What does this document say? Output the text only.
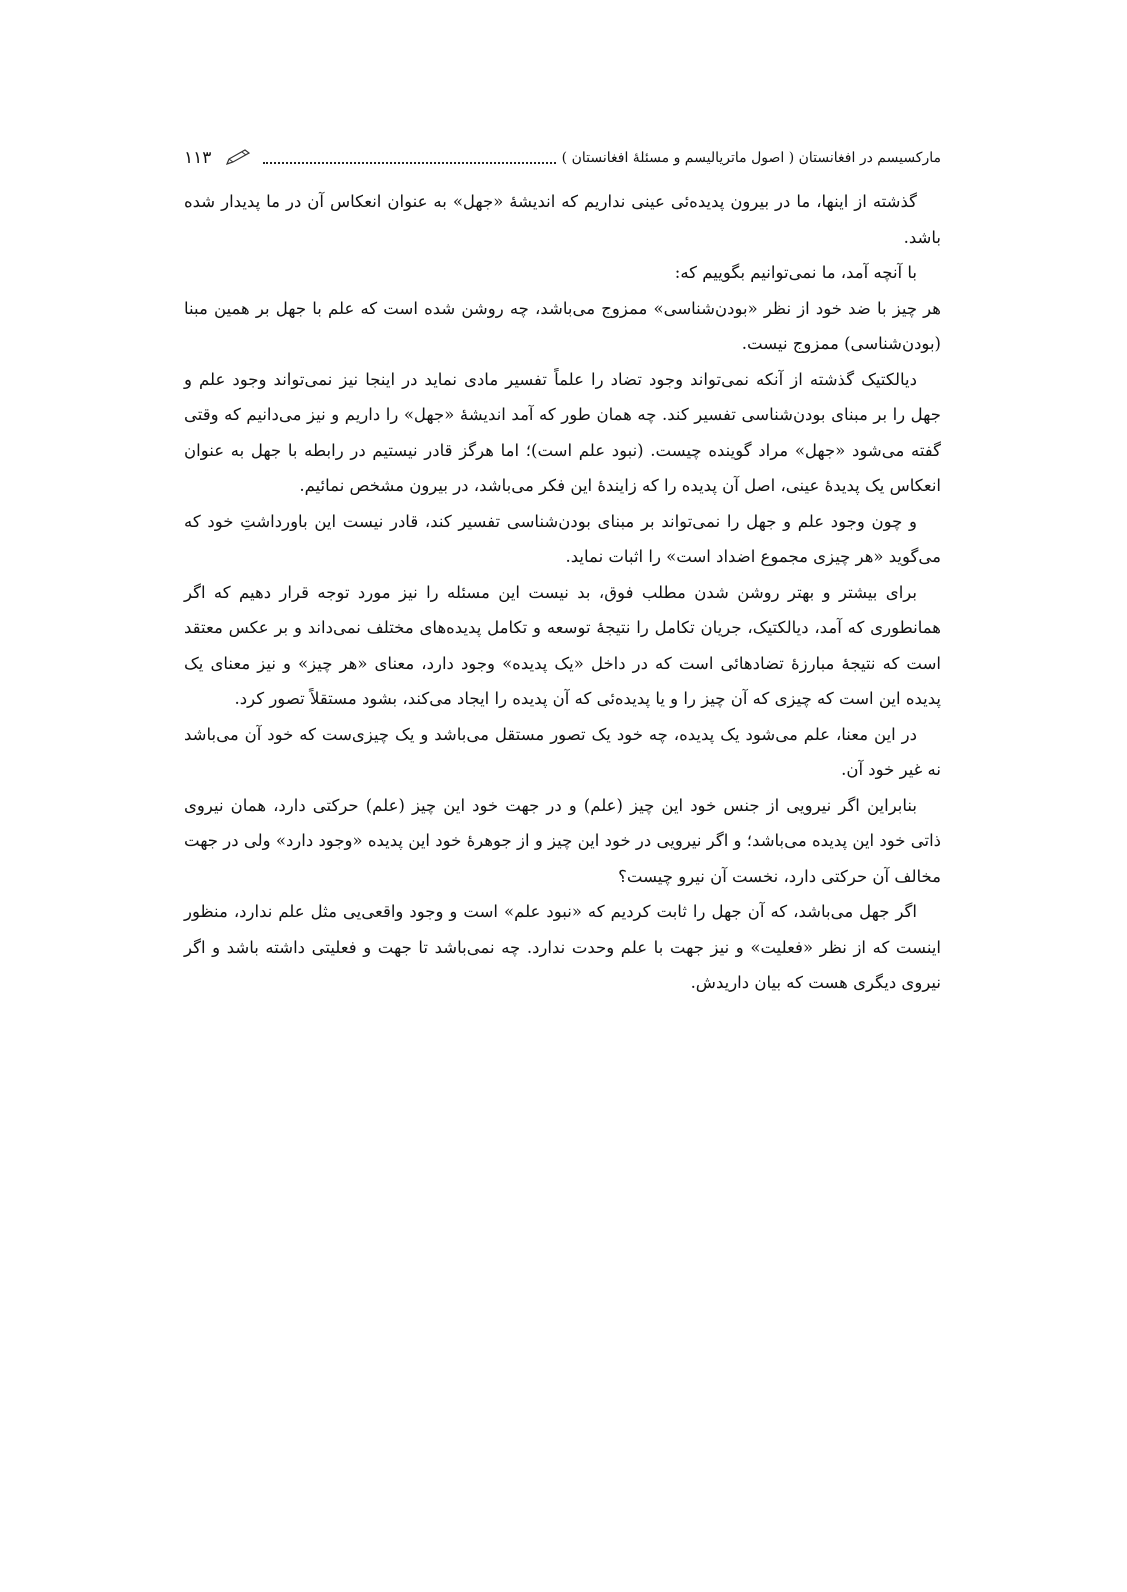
مارکسیسم در افغانستان ( اصول ماتریالیسم و مسئلۀ افغانستان )
۱۱۳

گذشته از اینها، ما در بیرون پدیده‌ئی عینی نداریم که اندیشۀ «جهل» به عنوان انعکاس آن در ما پدیدار شده باشد.

با آنچه آمد، ما نمی‌توانیم بگوییم که:

هر چیز با ضد خود از نظر «بودن‌شناسی» ممزوج می‌باشد، چه روشن شده است که علم با جهل بر همین مبنا (بودن‌شناسی) ممزوج نیست.

دیالکتیک گذشته از آنکه نمی‌تواند وجود تضاد را علماً تفسیر مادی نماید در اینجا نیز نمی‌تواند وجود علم و جهل را بر مبنای بودن‌شناسی تفسیر کند. چه همان طور که آمد اندیشۀ «جهل» را داریم و نیز می‌دانیم که وقتی گفته می‌شود «جهل» مراد گوینده چیست. (نبود علم است)؛ اما هرگز قادر نیستیم در رابطه با جهل به عنوان انعکاس یک پدیدۀ عینی، اصل آن پدیده را که زایندۀ این فکر می‌باشد، در بیرون مشخص نمائیم.

و چون وجود علم و جهل را نمی‌تواند بر مبنای بودن‌شناسی تفسیر کند، قادر نیست این باورداشتِ خود که می‌گوید «هر چیزی مجموع اضداد است» را اثبات نماید.

برای بیشتر و بهتر روشن شدن مطلب فوق، بد نیست این مسئله را نیز مورد توجه قرار دهیم که اگر همانطوری که آمد، دیالکتیک، جریان تکامل را نتیجۀ توسعه و تکامل پدیده‌های مختلف نمی‌داند و بر عکس معتقد است که نتیجۀ مبارزۀ تضادهائی است که در داخل «یک پدیده» وجود دارد، معنای «هر چیز» و نیز معنای یک پدیده این است که چیزی که آن چیز را و یا پدیده‌ئی که آن پدیده را ایجاد می‌کند، بشود مستقلاً تصور کرد.

در این معنا، علم می‌شود یک پدیده، چه خود یک تصور مستقل می‌باشد و یک چیزی‌ست که خود آن می‌باشد نه غیر خود آن.

بنابراین اگر نیرویی از جنس خود این چیز (علم) و در جهت خود این چیز (علم) حرکتی دارد، همان نیروی ذاتی خود این پدیده می‌باشد؛ و اگر نیرویی در خود این چیز و از جوهرۀ خود این پدیده «وجود دارد» ولی در جهت مخالف آن حرکتی دارد، نخست آن نیرو چیست؟

اگر جهل می‌باشد، که آن جهل را ثابت کردیم که «نبود علم» است و وجود واقعی‌یی مثل علم ندارد، منظور اینست که از نظر «فعلیت» و نیز جهت با علم وحدت ندارد. چه نمی‌باشد تا جهت و فعلیتی داشته باشد و اگر نیروی دیگری هست که بیان داریدش.
